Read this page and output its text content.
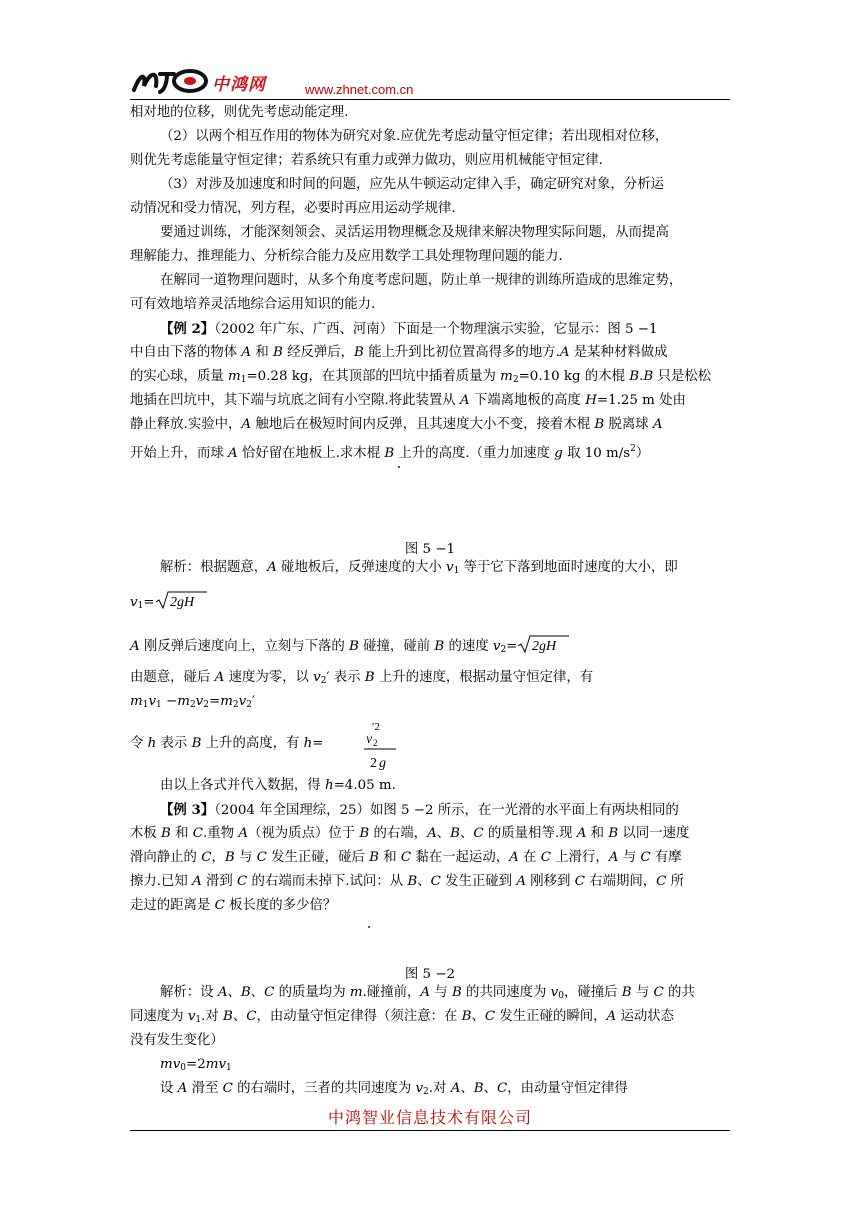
中鸿网	www.zhnet.com.cn
相对地的位移，则优先考虑动能定理.
（2）以两个相互作用的物体为研究对象.应优先考虑动量守恒定律；若出现相对位移，
则优先考虑能量守恒定律；若系统只有重力或弹力做功，则应用机械能守恒定律.
（3）对涉及加速度和时间的问题，应先从牛顿运动定律入手，确定研究对象，分析运
动情况和受力情况，列方程，必要时再应用运动学规律.
要通过训练，才能深刻领会、灵活运用物理概念及规律来解决物理实际问题，从而提高
理解能力、推理能力、分析综合能力及应用数学工具处理物理问题的能力.
在解同一道物理问题时，从多个角度考虑问题，防止单一规律的训练所造成的思维定势，
可有效地培养灵活地综合运用知识的能力.
【例 2】（2002 年广东、广西、河南）下面是一个物理演示实验，它显示：图 5 −1
中自由下落的物体 A 和 B 经反弹后，B 能上升到比初位置高得多的地方.A 是某种材料做成
的实心球，质量 $m_1=0.28$ kg，在其顶部的凹坑中插着质量为 $m_2=0.10$ kg 的木棍 B.B 只是松松
地插在凹坑中，其下端与坑底之间有小空隙.将此装置从 A 下端离地板的高度 H=1.25 m 处由
静止释放.实验中，A 触地后在极短时间内反弹，且其速度大小不变，接着木棍 B 脱离球 A
开始上升，而球 A 恰好留在地板上.求木棍 B 上升的高度.（重力加速度 g 取 10 $m/s^2$）
图 5 −1
解析：根据题意，A 碰地板后，反弹速度的大小 $v_1$ 等于它下落到地面时速度的大小，即
$v_1= 2gH$
A 刚反弹后速度向上，立刻与下落的 B 碰撞，碰前 B 的速度 $v_2= 2gH$
由题意，碰后 A 速度为零，以 $v_2'$ 表示 B 上升的速度，根据动量守恒定律，有
$m_1v_1 -m_2v_2=m_2v_2'$
令 h 表示 B 上升的高度，有 h=
′2
v 2
2 g
由以上各式并代入数据，得 h=4.05 m.
【例 3】（2004 年全国理综，25）如图 5 −2 所示，在一光滑的水平面上有两块相同的
木板 B 和 C.重物 A（视为质点）位于 B 的右端，A、B、C 的质量相等.现 A 和 B 以同一速度
滑向静止的 C，B 与 C 发生正碰，碰后 B 和 C 黏在一起运动，A 在 C 上滑行，A 与 C 有摩
擦力.已知 A 滑到 C 的右端而未掉下.试问：从 B、C 发生正碰到 A 刚移到 C 右端期间，C 所
走过的距离是 C 板长度的多少倍？
图 5 −2
解析：设 A、B、C 的质量均为 m.碰撞前，A 与 B 的共同速度为 $v_0$，碰撞后 B 与 C 的共
同速度为 $v_1$.对 B、C，由动量守恒定律得（须注意：在 B、C 发生正碰的瞬间，A 运动状态
没有发生变化）
$mv_0=2mv_1$
设 A 滑至 C 的右端时，三者的共同速度为 $v_2$.对 A、B、C，由动量守恒定律得
中鸿智业信息技术有限公司
